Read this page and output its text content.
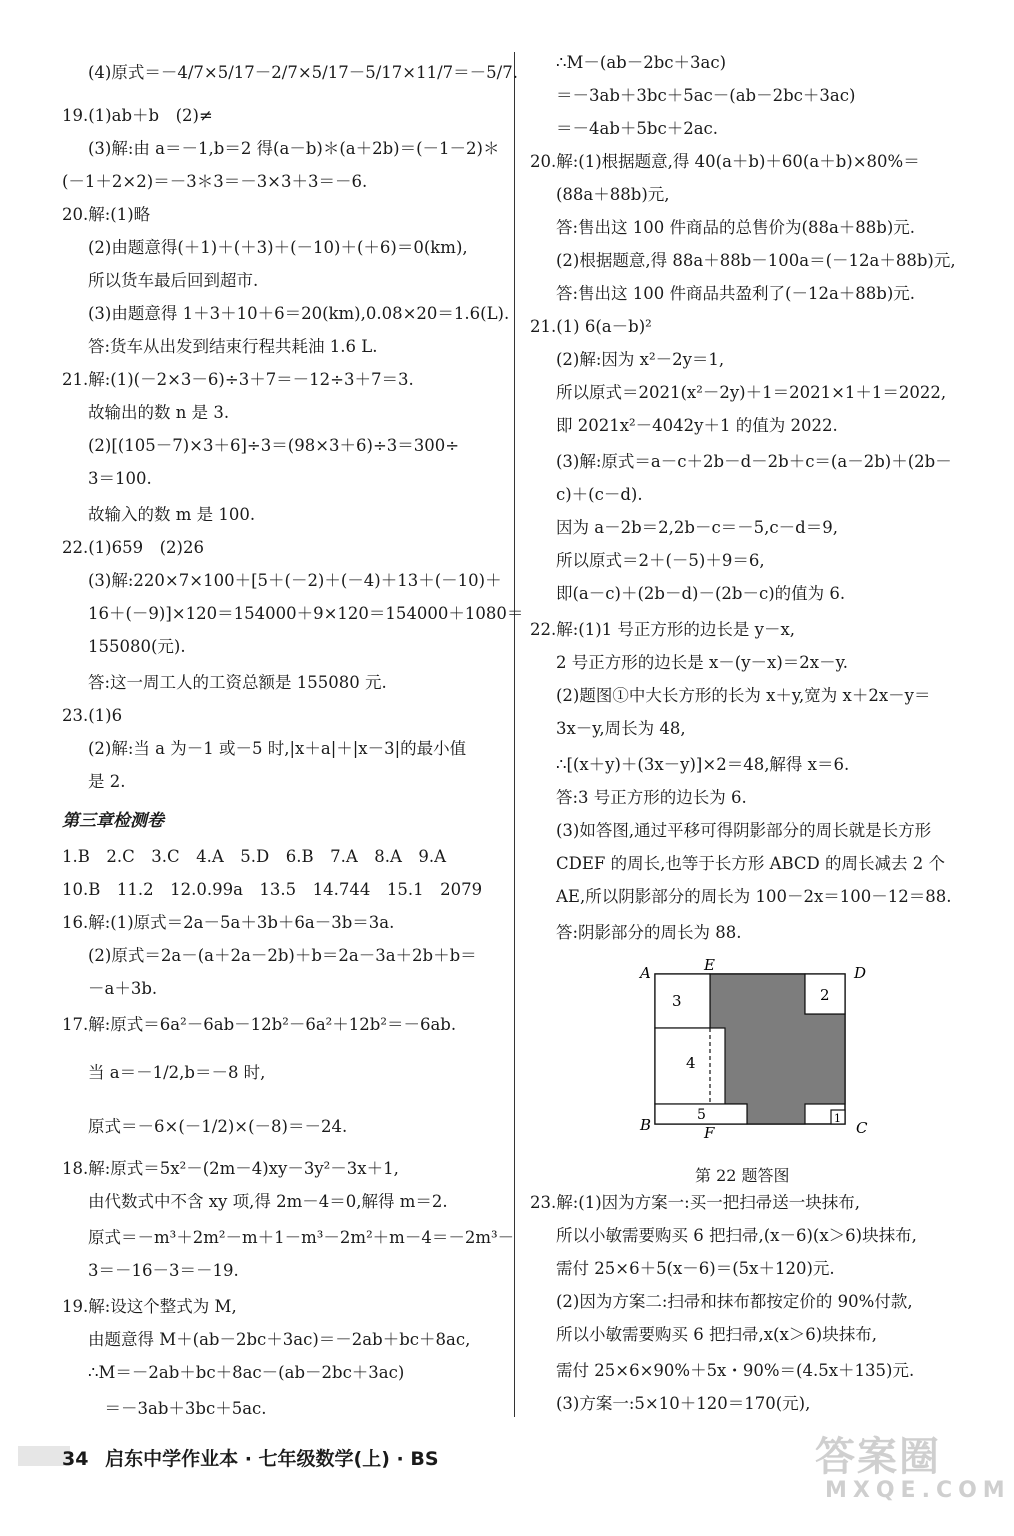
(4)原式＝－4/7×5/17－2/7×5/17－5/17×11/7＝－5/7.
19.(1)ab＋b　(2)≠
(3)解:由 a＝－1,b＝2 得(a－b)＊(a＋2b)＝(－1－2)＊
(－1＋2×2)＝－3＊3＝－3×3＋3＝－6.
20.解:(1)略
(2)由题意得(＋1)＋(＋3)＋(－10)＋(＋6)＝0(km),
所以货车最后回到超市.
(3)由题意得 1＋3＋10＋6＝20(km),0.08×20＝1.6(L).
答:货车从出发到结束行程共耗油 1.6 L.
21.解:(1)(－2×3－6)÷3＋7＝－12÷3＋7＝3.
故输出的数 n 是 3.
(2)[(105－7)×3＋6]÷3＝(98×3＋6)÷3＝300÷
3＝100.
故输入的数 m 是 100.
22.(1)659　(2)26
(3)解:220×7×100＋[5＋(－2)＋(－4)＋13＋(－10)＋
16＋(－9)]×120＝154000＋9×120＝154000＋1080＝
155080(元).
答:这一周工人的工资总额是 155080 元.
23.(1)6
(2)解:当 a 为－1 或－5 时,|x＋a|＋|x－3|的最小值
是 2.
第三章检测卷
1.B　2.C　3.C　4.A　5.D　6.B　7.A　8.A　9.A
10.B　11.2　12.0.99a　13.5　14.744　15.1　2079
16.解:(1)原式＝2a－5a＋3b＋6a－3b＝3a.
(2)原式＝2a－(a＋2a－2b)＋b＝2a－3a＋2b＋b＝
－a＋3b.
17.解:原式＝6a²－6ab－12b²－6a²＋12b²＝－6ab.
当 a＝－1/2,b＝－8 时,
原式＝－6×(－1/2)×(－8)＝－24.
18.解:原式＝5x²－(2m－4)xy－3y²－3x＋1,
由代数式中不含 xy 项,得 2m－4＝0,解得 m＝2.
原式＝－m³＋2m²－m＋1－m³－2m²＋m－4＝－2m³－
3＝－16－3＝－19.
19.解:设这个整式为 M,
由题意得 M＋(ab－2bc＋3ac)＝－2ab＋bc＋8ac,
∴M＝－2ab＋bc＋8ac－(ab－2bc＋3ac)
　＝－3ab＋3bc＋5ac.
∴M－(ab－2bc＋3ac)
＝－3ab＋3bc＋5ac－(ab－2bc＋3ac)
＝－4ab＋5bc＋2ac.
20.解:(1)根据题意,得 40(a＋b)＋60(a＋b)×80%＝
(88a＋88b)元,
答:售出这 100 件商品的总售价为(88a＋88b)元.
(2)根据题意,得 88a＋88b－100a＝(－12a＋88b)元,
答:售出这 100 件商品共盈利了(－12a＋88b)元.
21.(1) 6(a－b)²
(2)解:因为 x²－2y＝1,
所以原式＝2021(x²－2y)＋1＝2021×1＋1＝2022,
即 2021x²－4042y＋1 的值为 2022.
(3)解:原式＝a－c＋2b－d－2b＋c＝(a－2b)＋(2b－
c)＋(c－d).
因为 a－2b＝2,2b－c＝－5,c－d＝9,
所以原式＝2＋(－5)＋9＝6,
即(a－c)＋(2b－d)－(2b－c)的值为 6.
22.解:(1)1 号正方形的边长是 y－x,
2 号正方形的边长是 x－(y－x)＝2x－y.
(2)题图①中大长方形的长为 x＋y,宽为 x＋2x－y＝
3x－y,周长为 48,
∴[(x＋y)＋(3x－y)]×2＝48,解得 x＝6.
答:3 号正方形的边长为 6.
(3)如答图,通过平移可得阴影部分的周长就是长方形
CDEF 的周长,也等于长方形 ABCD 的周长减去 2 个
AE,所以阴影部分的周长为 100－2x＝100－12＝88.
答:阴影部分的周长为 88.
23.解:(1)因为方案一:买一把扫帚送一块抹布,
所以小敏需要购买 6 把扫帚,(x－6)(x＞6)块抹布,
需付 25×6＋5(x－6)＝(5x＋120)元.
(2)因为方案二:扫帚和抹布都按定价的 90%付款,
所以小敏需要购买 6 把扫帚,x(x＞6)块抹布,
需付 25×6×90%＋5x・90%＝(4.5x＋135)元.
(3)方案一:5×10＋120＝170(元),
3	2
4
5	1
A	E	D
B	F	C
第 22 题答图
34 启东中学作业本 · 七年级数学(上) · BS	答案圈
MXQE.COM
